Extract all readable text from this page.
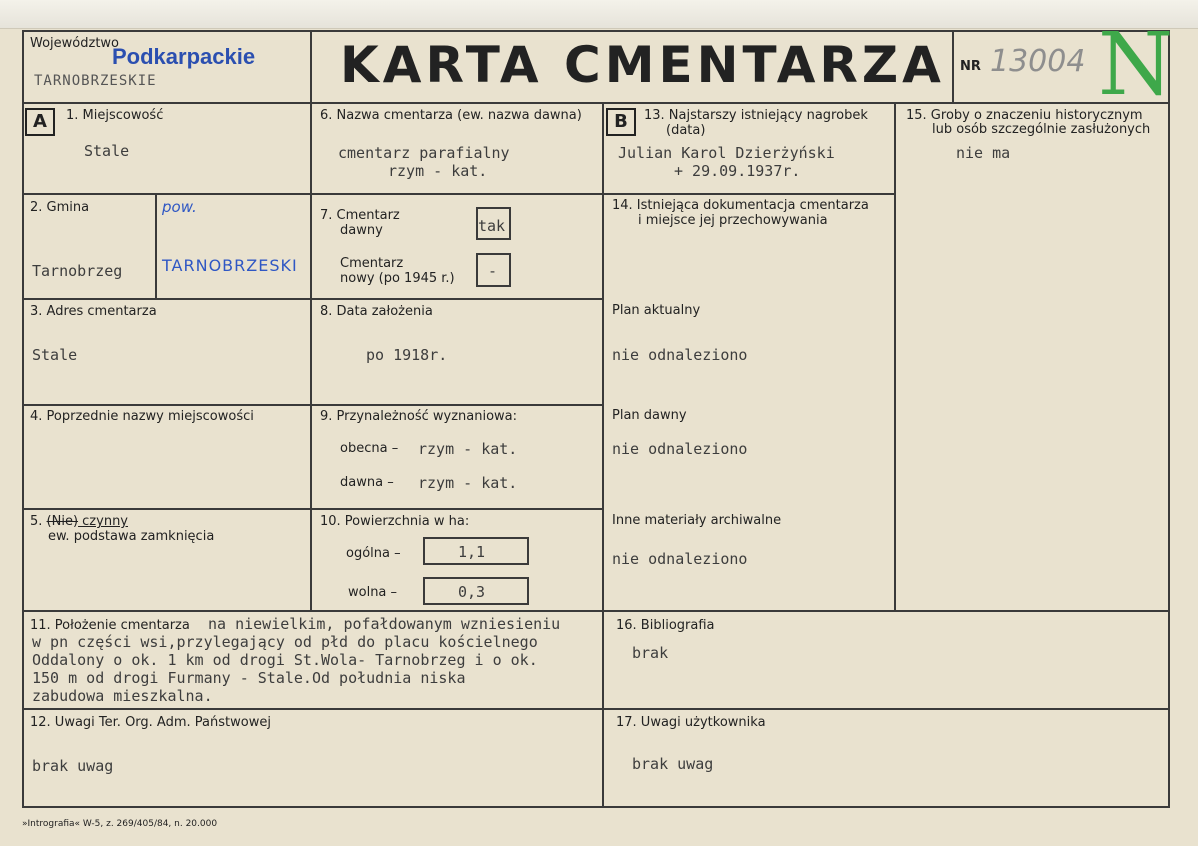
Województwo
Podkarpackie
TARNOBRZESKIE	KARTA CMENTARZA NR 13004 N
A	1. Miejscowość
Stale
2. Gmina
Tarnobrzeg
pow.
TARNOBRZESKI
3. Adres cmentarza
Stale
4. Poprzednie nazwy miejscowości
5. (Nie) czynny
ew. podstawa zamknięcia
6. Nazwa cmentarza (ew. nazwa dawna)
cmentarz parafialny
rzym - kat.
7. Cmentarz
dawny	tak
Cmentarz
nowy (po 1945 r.) -
8. Data założenia
po 1918r.
9. Przynależność wyznaniowa:
obecna – rzym - kat.
dawna – rzym - kat.
10. Powierzchnia w ha:
ogólna –	1,1
wolna –	0,3
B	13. Najstarszy istniejący nagrobek
(data)
Julian Karol Dzierżyński
+ 29.09.1937r.
14. Istniejąca dokumentacja cmentarza
i miejsce jej przechowywania
Plan aktualny
nie odnaleziono
Plan dawny
nie odnaleziono
Inne materiały archiwalne
nie odnaleziono
15. Groby o znaczeniu historycznym
lub osób szczególnie zasłużonych
nie ma
11. Położenie cmentarza na niewielkim, pofałdowanym wzniesieniu
w pn części wsi,przylegający od płd do placu kościelnego
Oddalony o ok. 1 km od drogi St.Wola- Tarnobrzeg i o ok.
150 m od drogi Furmany - Stale.Od południa niska
zabudowa mieszkalna.
16. Bibliografia
brak
12. Uwagi Ter. Org. Adm. Państwowej
brak uwag
17. Uwagi użytkownika
brak uwag
»Intrografia« W-5, z. 269/405/84, n. 20.000
